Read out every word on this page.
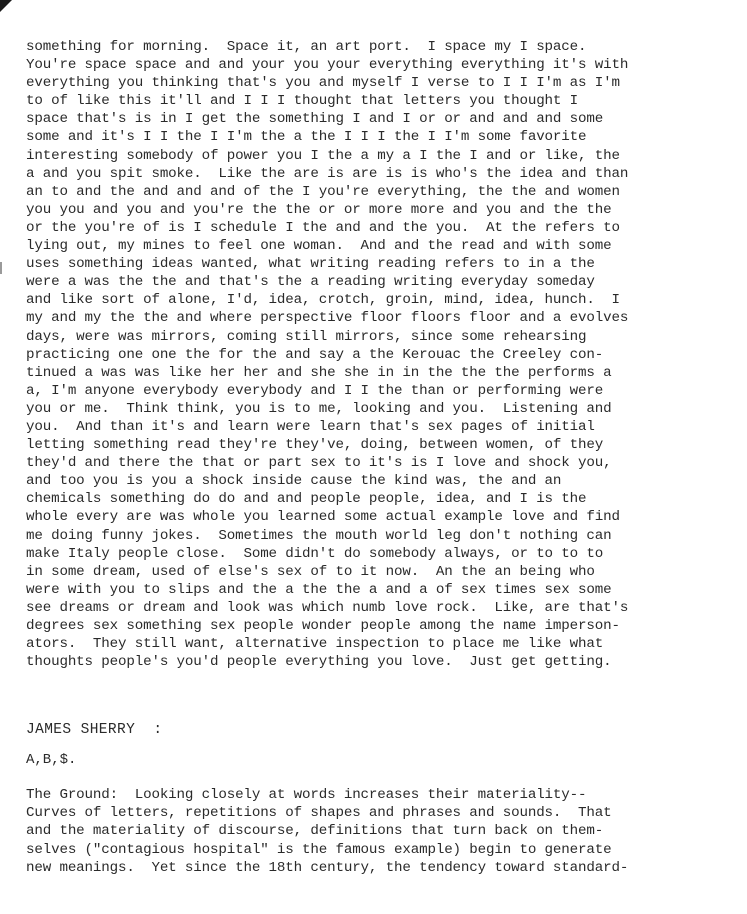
something for morning.  Space it, an art port.  I space my I space.

You're space space and and your you your everything everything it's with

everything you thinking that's you and myself I verse to I I I'm as I'm

to of like this it'll and I I I thought that letters you thought I

space that's is in I get the something I and I or or and and and some

some and it's I I the I I'm the a the I I I the I I'm some favorite

interesting somebody of power you I the a my a I the I and or like, the

a and you spit smoke.  Like the are is are is is who's the idea and than

an to and the and and and of the I you're everything, the the and women

you you and you and you're the the or or more more and you and the the

or the you're of is I schedule I the and and the you.  At the refers to

lying out, my mines to feel one woman.  And and the read and with some

uses something ideas wanted, what writing reading refers to in a the

were a was the the and that's the a reading writing everyday someday

and like sort of alone, I'd, idea, crotch, groin, mind, idea, hunch.  I

my and my the the and where perspective floor floors floor and a evolves

days, were was mirrors, coming still mirrors, since some rehearsing

practicing one one the for the and say a the Kerouac the Creeley con-

tinued a was was like her her and she she in in the the the performs a

a, I'm anyone everybody everybody and I I the than or performing were

you or me.  Think think, you is to me, looking and you.  Listening and

you.  And than it's and learn were learn that's sex pages of initial

letting something read they're they've, doing, between women, of they

they'd and there the that or part sex to it's is I love and shock you,

and too you is you a shock inside cause the kind was, the and an

chemicals something do do and and people people, idea, and I is the

whole every are was whole you learned some actual example love and find

me doing funny jokes.  Sometimes the mouth world leg don't nothing can

make Italy people close.  Some didn't do somebody always, or to to to

in some dream, used of else's sex of to it now.  An the an being who

were with you to slips and the a the the a and a of sex times sex some

see dreams or dream and look was which numb love rock.  Like, are that's

degrees sex something sex people wonder people among the name imperson-

ators.  They still want, alternative inspection to place me like what

thoughts people's you'd people everything you love.  Just get getting.

JAMES SHERRY :
A,B,$.

The Ground:  Looking closely at words increases their materiality--

Curves of letters, repetitions of shapes and phrases and sounds.  That

and the materiality of discourse, definitions that turn back on them-

selves ("contagious hospital" is the famous example) begin to generate

new meanings.  Yet since the 18th century, the tendency toward standard-
